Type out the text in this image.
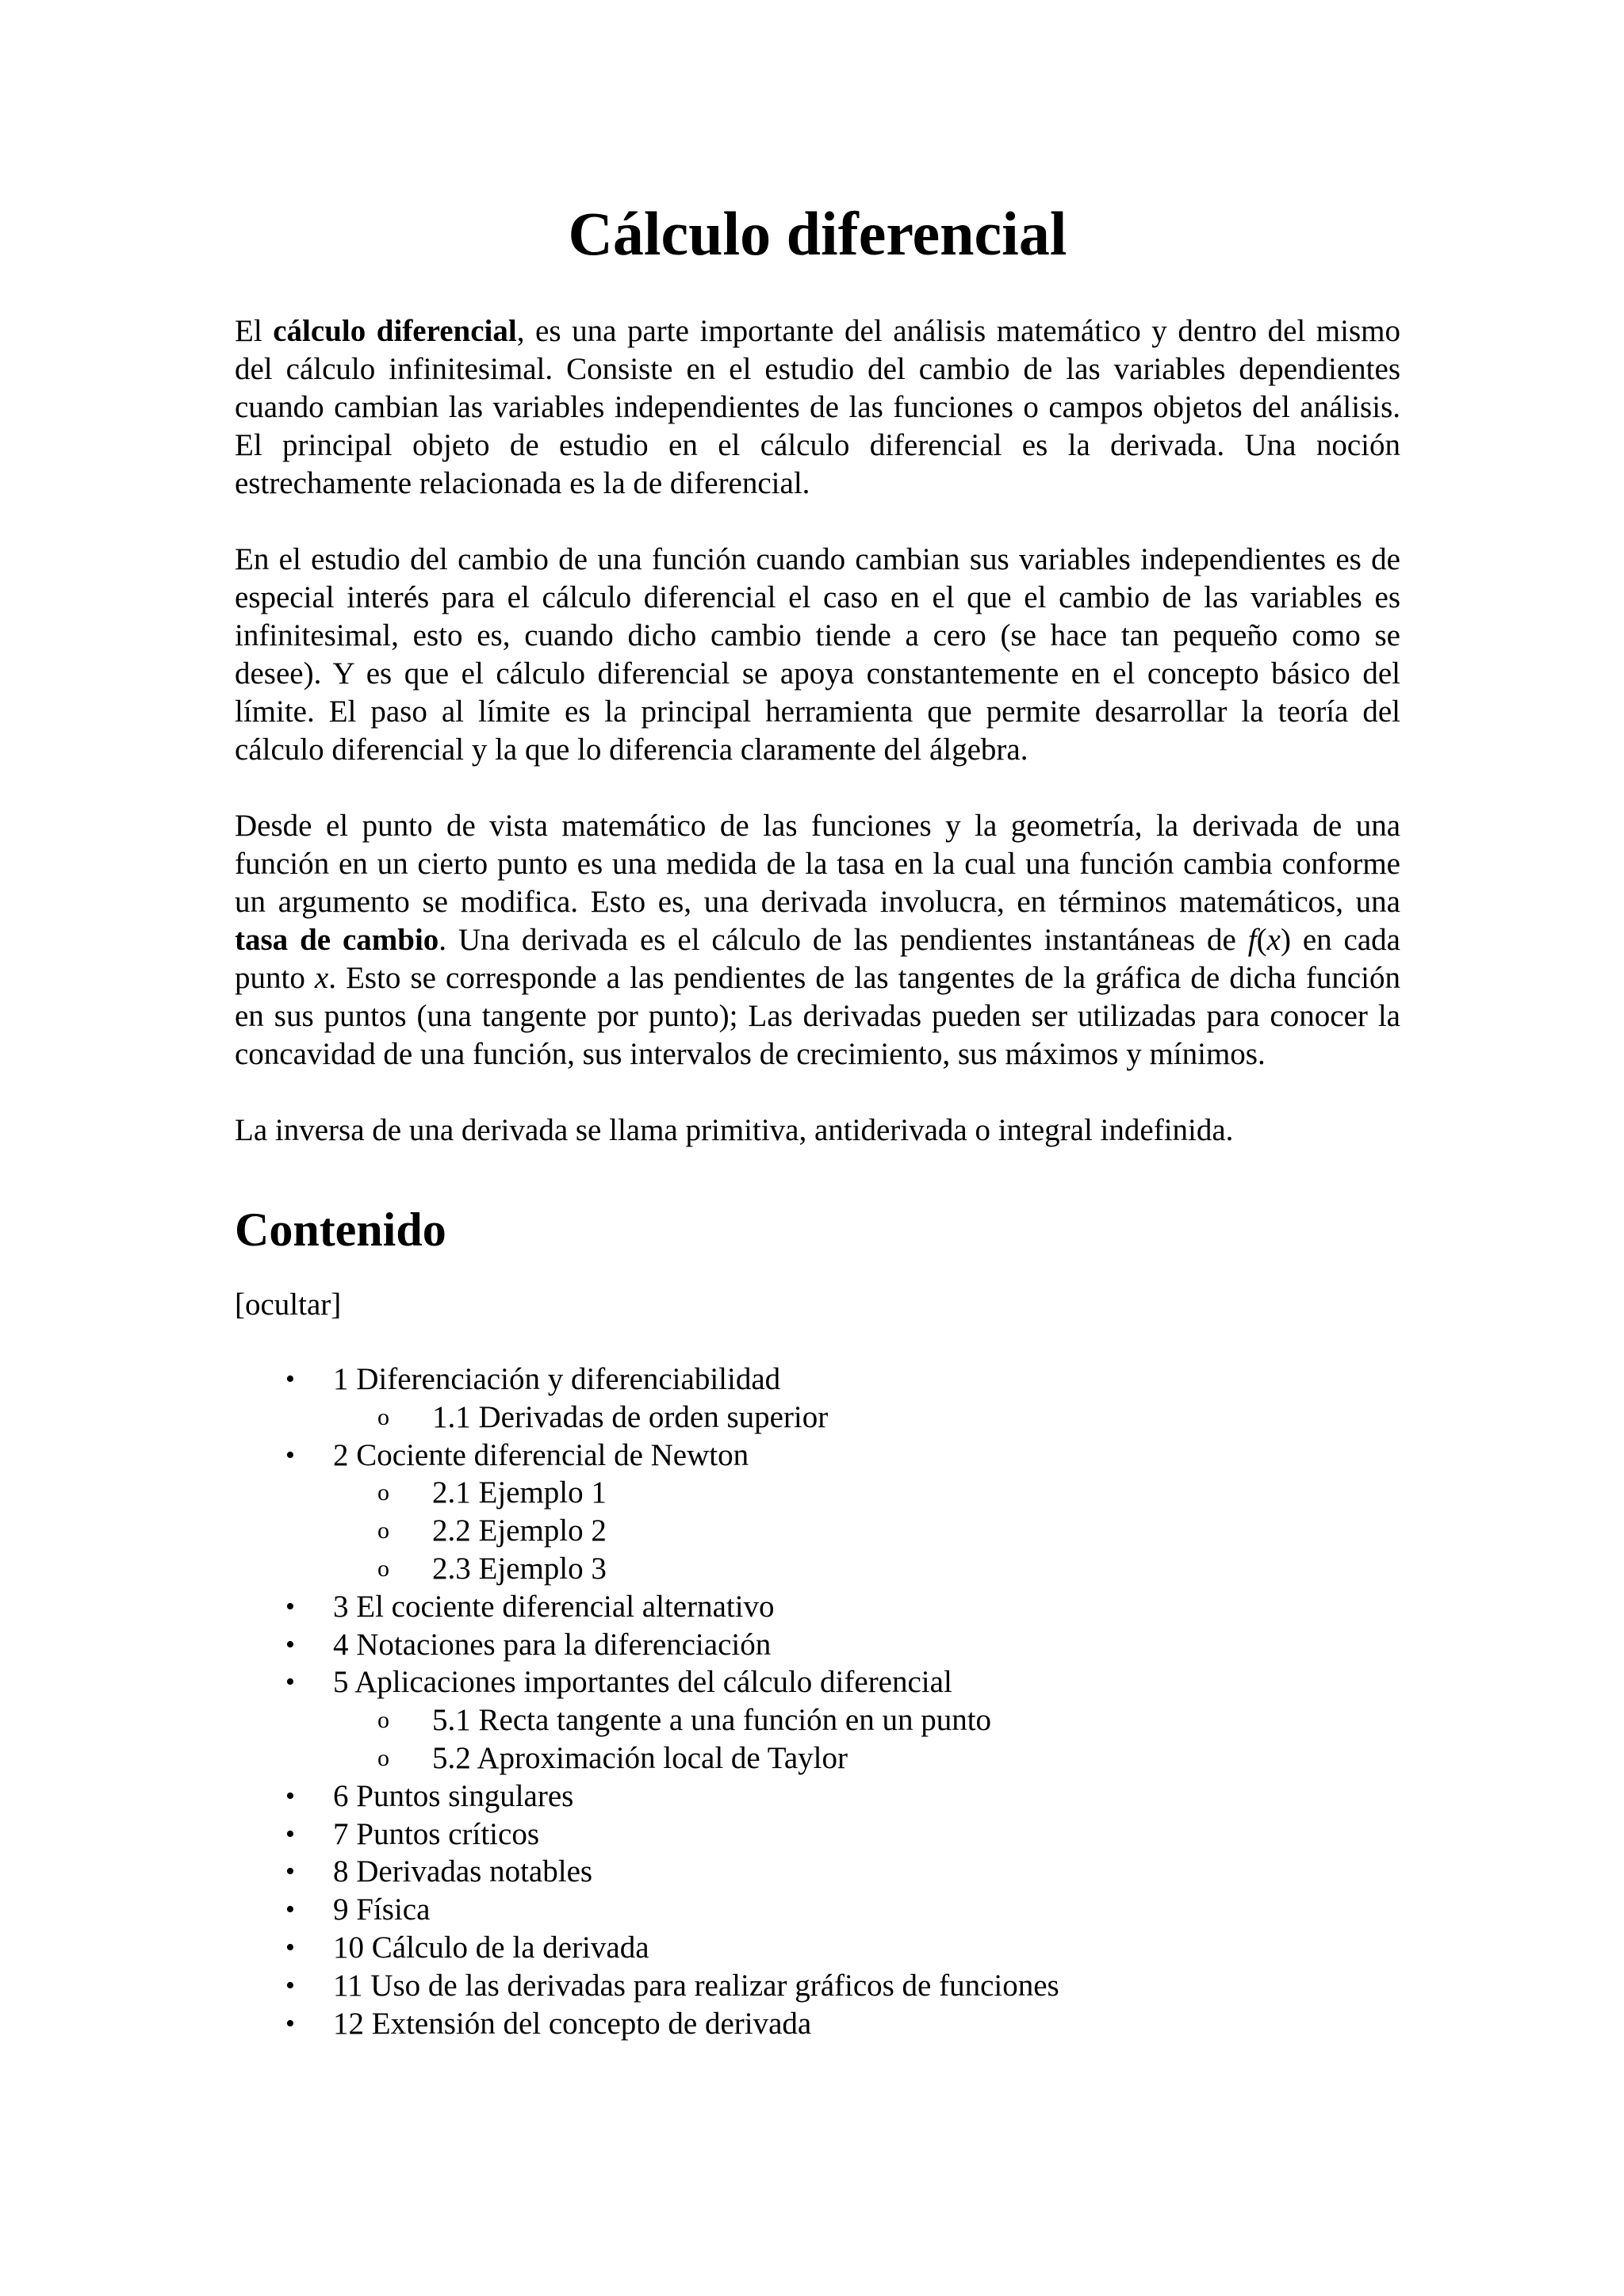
Cálculo diferencial

El cálculo diferencial, es una parte importante del análisis matemático y dentro del mismo del cálculo infinitesimal. Consiste en el estudio del cambio de las variables dependientes cuando cambian las variables independientes de las funciones o campos objetos del análisis. El principal objeto de estudio en el cálculo diferencial es la derivada. Una noción estrechamente relacionada es la de diferencial.

En el estudio del cambio de una función cuando cambian sus variables independientes es de especial interés para el cálculo diferencial el caso en el que el cambio de las variables es infinitesimal, esto es, cuando dicho cambio tiende a cero (se hace tan pequeño como se desee). Y es que el cálculo diferencial se apoya constantemente en el concepto básico del límite. El paso al límite es la principal herramienta que permite desarrollar la teoría del cálculo diferencial y la que lo diferencia claramente del álgebra.

Desde el punto de vista matemático de las funciones y la geometría, la derivada de una función en un cierto punto es una medida de la tasa en la cual una función cambia conforme un argumento se modifica. Esto es, una derivada involucra, en términos matemáticos, una tasa de cambio. Una derivada es el cálculo de las pendientes instantáneas de f(x) en cada punto x. Esto se corresponde a las pendientes de las tangentes de la gráfica de dicha función en sus puntos (una tangente por punto); Las derivadas pueden ser utilizadas para conocer la concavidad de una función, sus intervalos de crecimiento, sus máximos y mínimos.

La inversa de una derivada se llama primitiva, antiderivada o integral indefinida.

Contenido
[ocultar]
• 1 Diferenciación y diferenciabilidad
o 1.1 Derivadas de orden superior
• 2 Cociente diferencial de Newton
o 2.1 Ejemplo 1
o 2.2 Ejemplo 2
o 2.3 Ejemplo 3
• 3 El cociente diferencial alternativo
• 4 Notaciones para la diferenciación
• 5 Aplicaciones importantes del cálculo diferencial
o 5.1 Recta tangente a una función en un punto
o 5.2 Aproximación local de Taylor
• 6 Puntos singulares
• 7 Puntos críticos
• 8 Derivadas notables
• 9 Física
• 10 Cálculo de la derivada
• 11 Uso de las derivadas para realizar gráficos de funciones
• 12 Extensión del concepto de derivada
